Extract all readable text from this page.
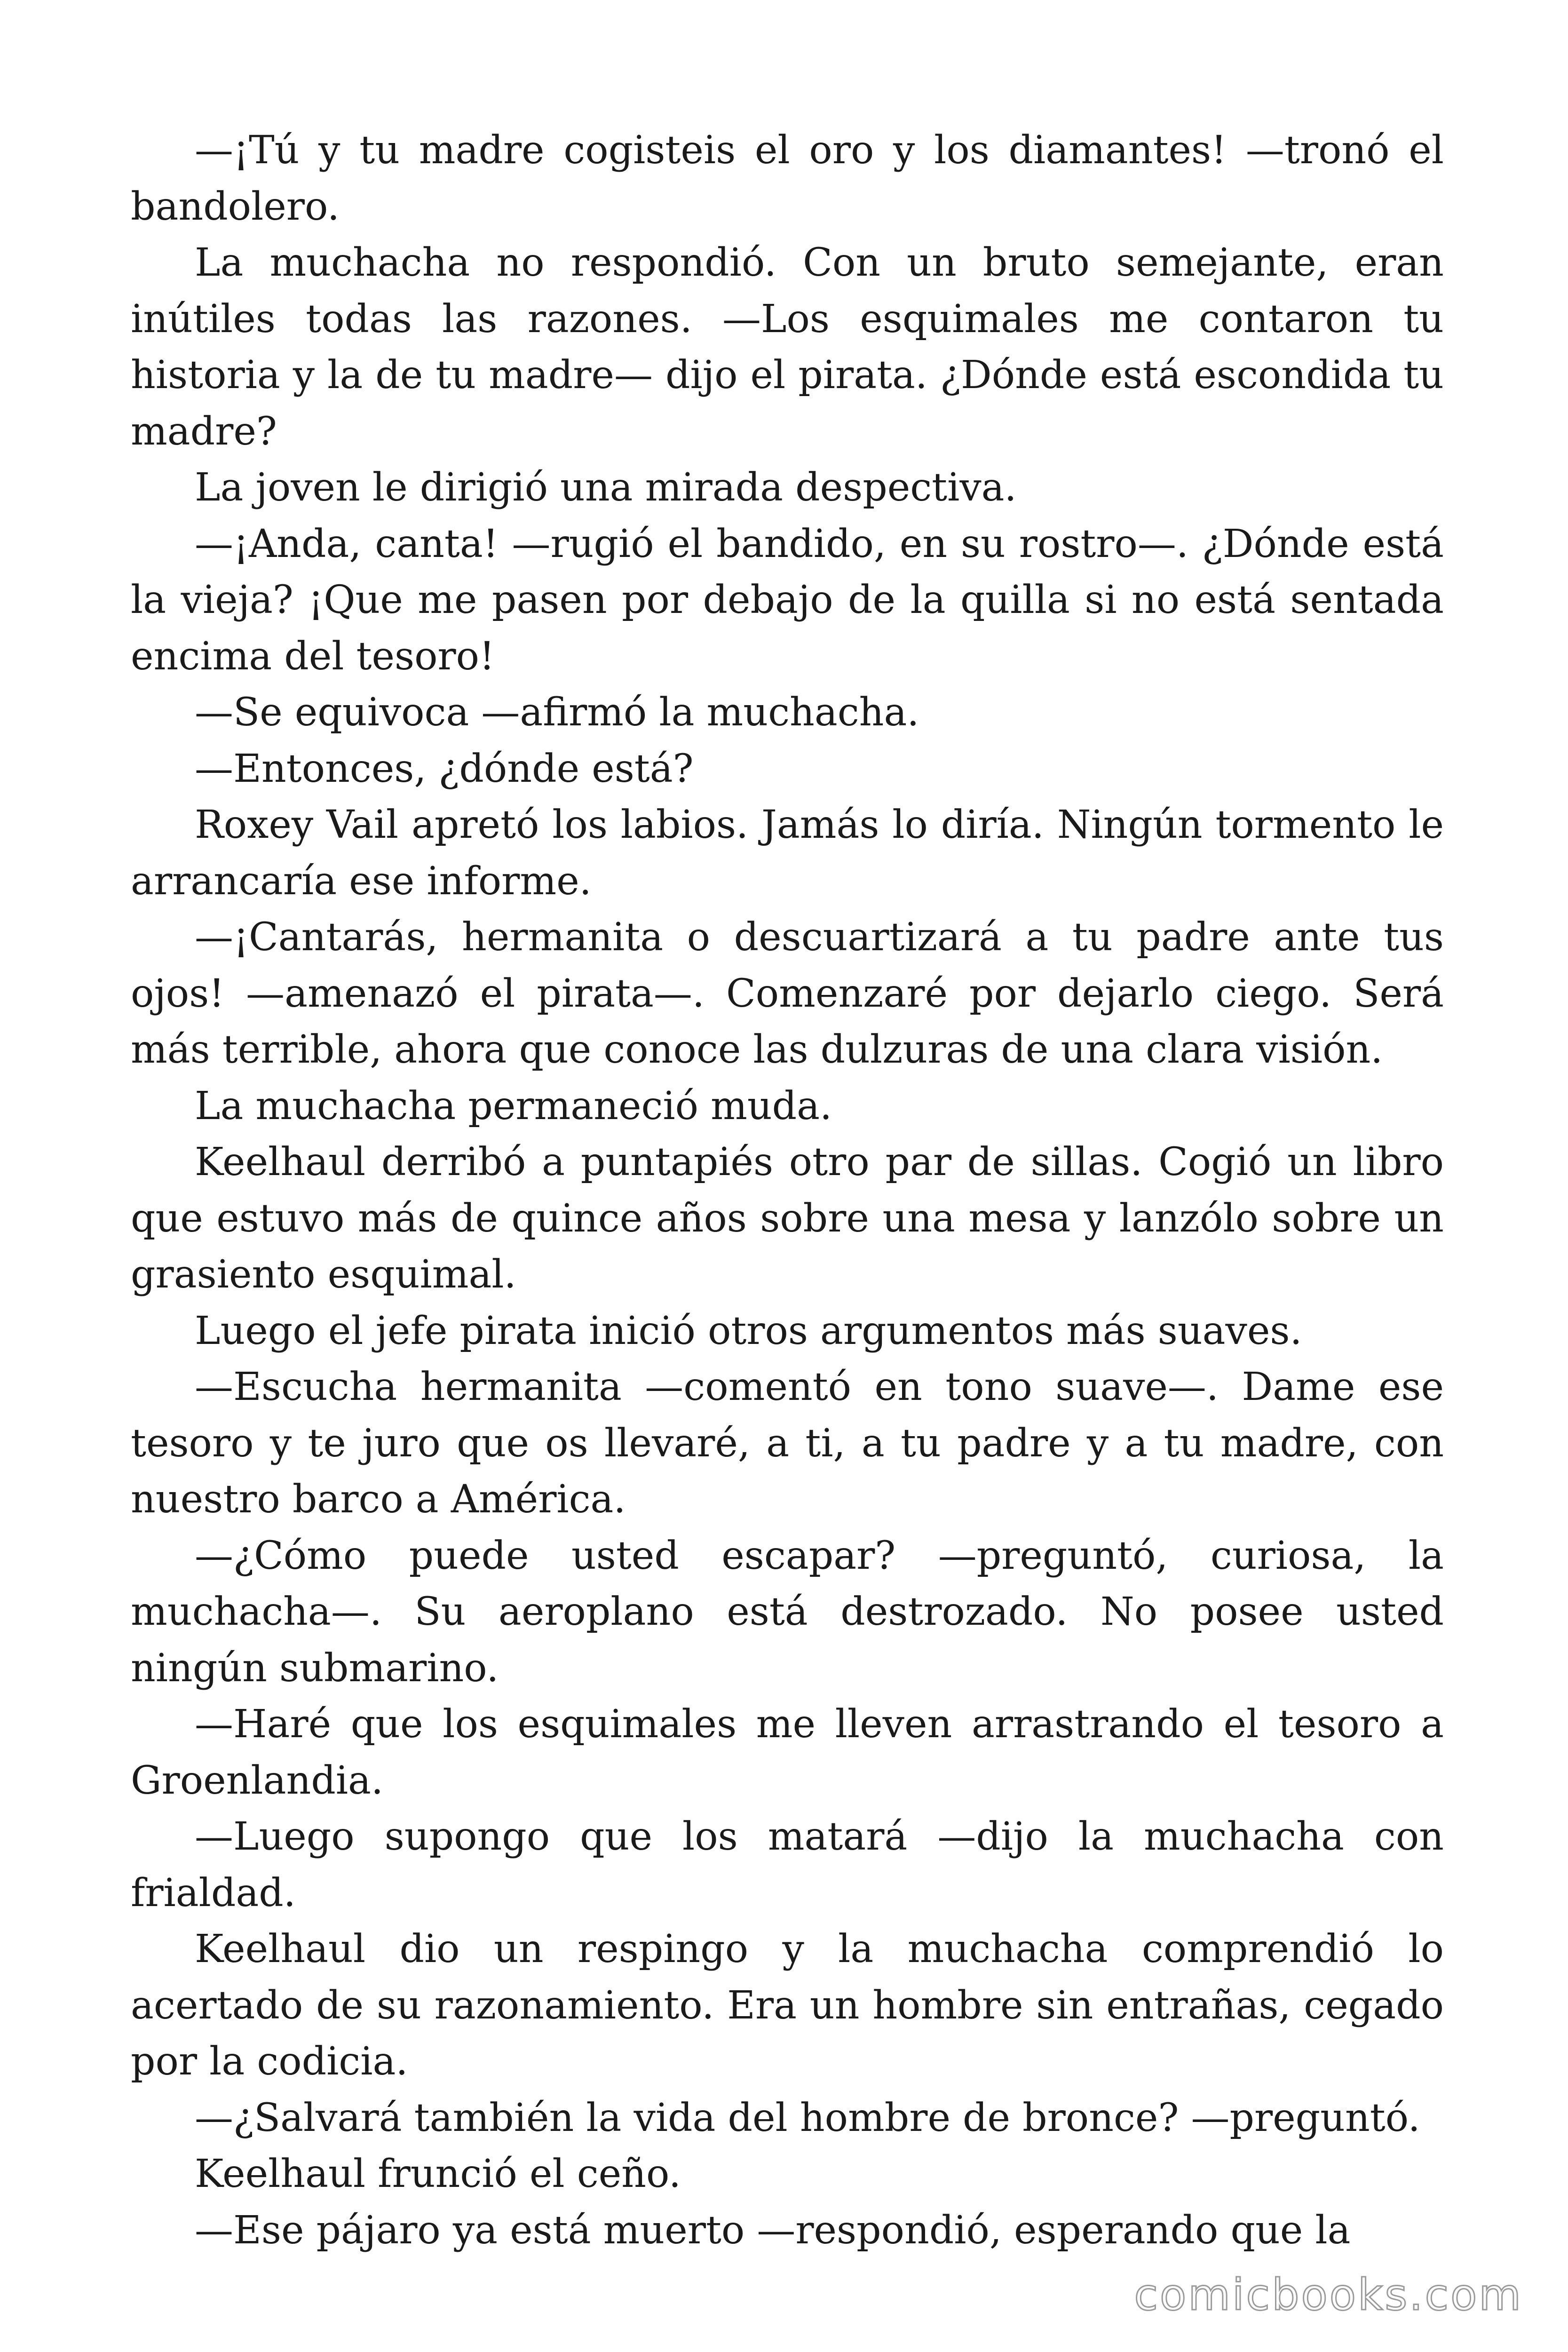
—¡Tú y tu madre cogisteis el oro y los diamantes! —tronó el bandolero.

La muchacha no respondió. Con un bruto semejante, eran inútiles todas las razones. —Los esquimales me contaron tu historia y la de tu madre— dijo el pirata. ¿Dónde está escondida tu madre?

La joven le dirigió una mirada despectiva.

—¡Anda, canta! —rugió el bandido, en su rostro—. ¿Dónde está la vieja? ¡Que me pasen por debajo de la quilla si no está sentada encima del tesoro!

—Se equivoca —afirmó la muchacha.

—Entonces, ¿dónde está?

Roxey Vail apretó los labios. Jamás lo diría. Ningún tormento le arrancaría ese informe.

—¡Cantarás, hermanita o descuartizará a tu padre ante tus ojos! —amenazó el pirata—. Comenzaré por dejarlo ciego. Será más terrible, ahora que conoce las dulzuras de una clara visión.

La muchacha permaneció muda.

Keelhaul derribó a puntapiés otro par de sillas. Cogió un libro que estuvo más de quince años sobre una mesa y lanzólo sobre un grasiento esquimal.

Luego el jefe pirata inició otros argumentos más suaves.

—Escucha hermanita —comentó en tono suave—. Dame ese tesoro y te juro que os llevaré, a ti, a tu padre y a tu madre, con nuestro barco a América.

—¿Cómo puede usted escapar? —preguntó, curiosa, la muchacha—. Su aeroplano está destrozado. No posee usted ningún submarino.

—Haré que los esquimales me lleven arrastrando el tesoro a Groenlandia.

—Luego supongo que los matará —dijo la muchacha con frialdad.

Keelhaul dio un respingo y la muchacha comprendió lo acertado de su razonamiento. Era un hombre sin entrañas, cegado por la codicia.

—¿Salvará también la vida del hombre de bronce? —preguntó.

Keelhaul frunció el ceño.

—Ese pájaro ya está muerto —respondió, esperando que la

comicbooks.com
